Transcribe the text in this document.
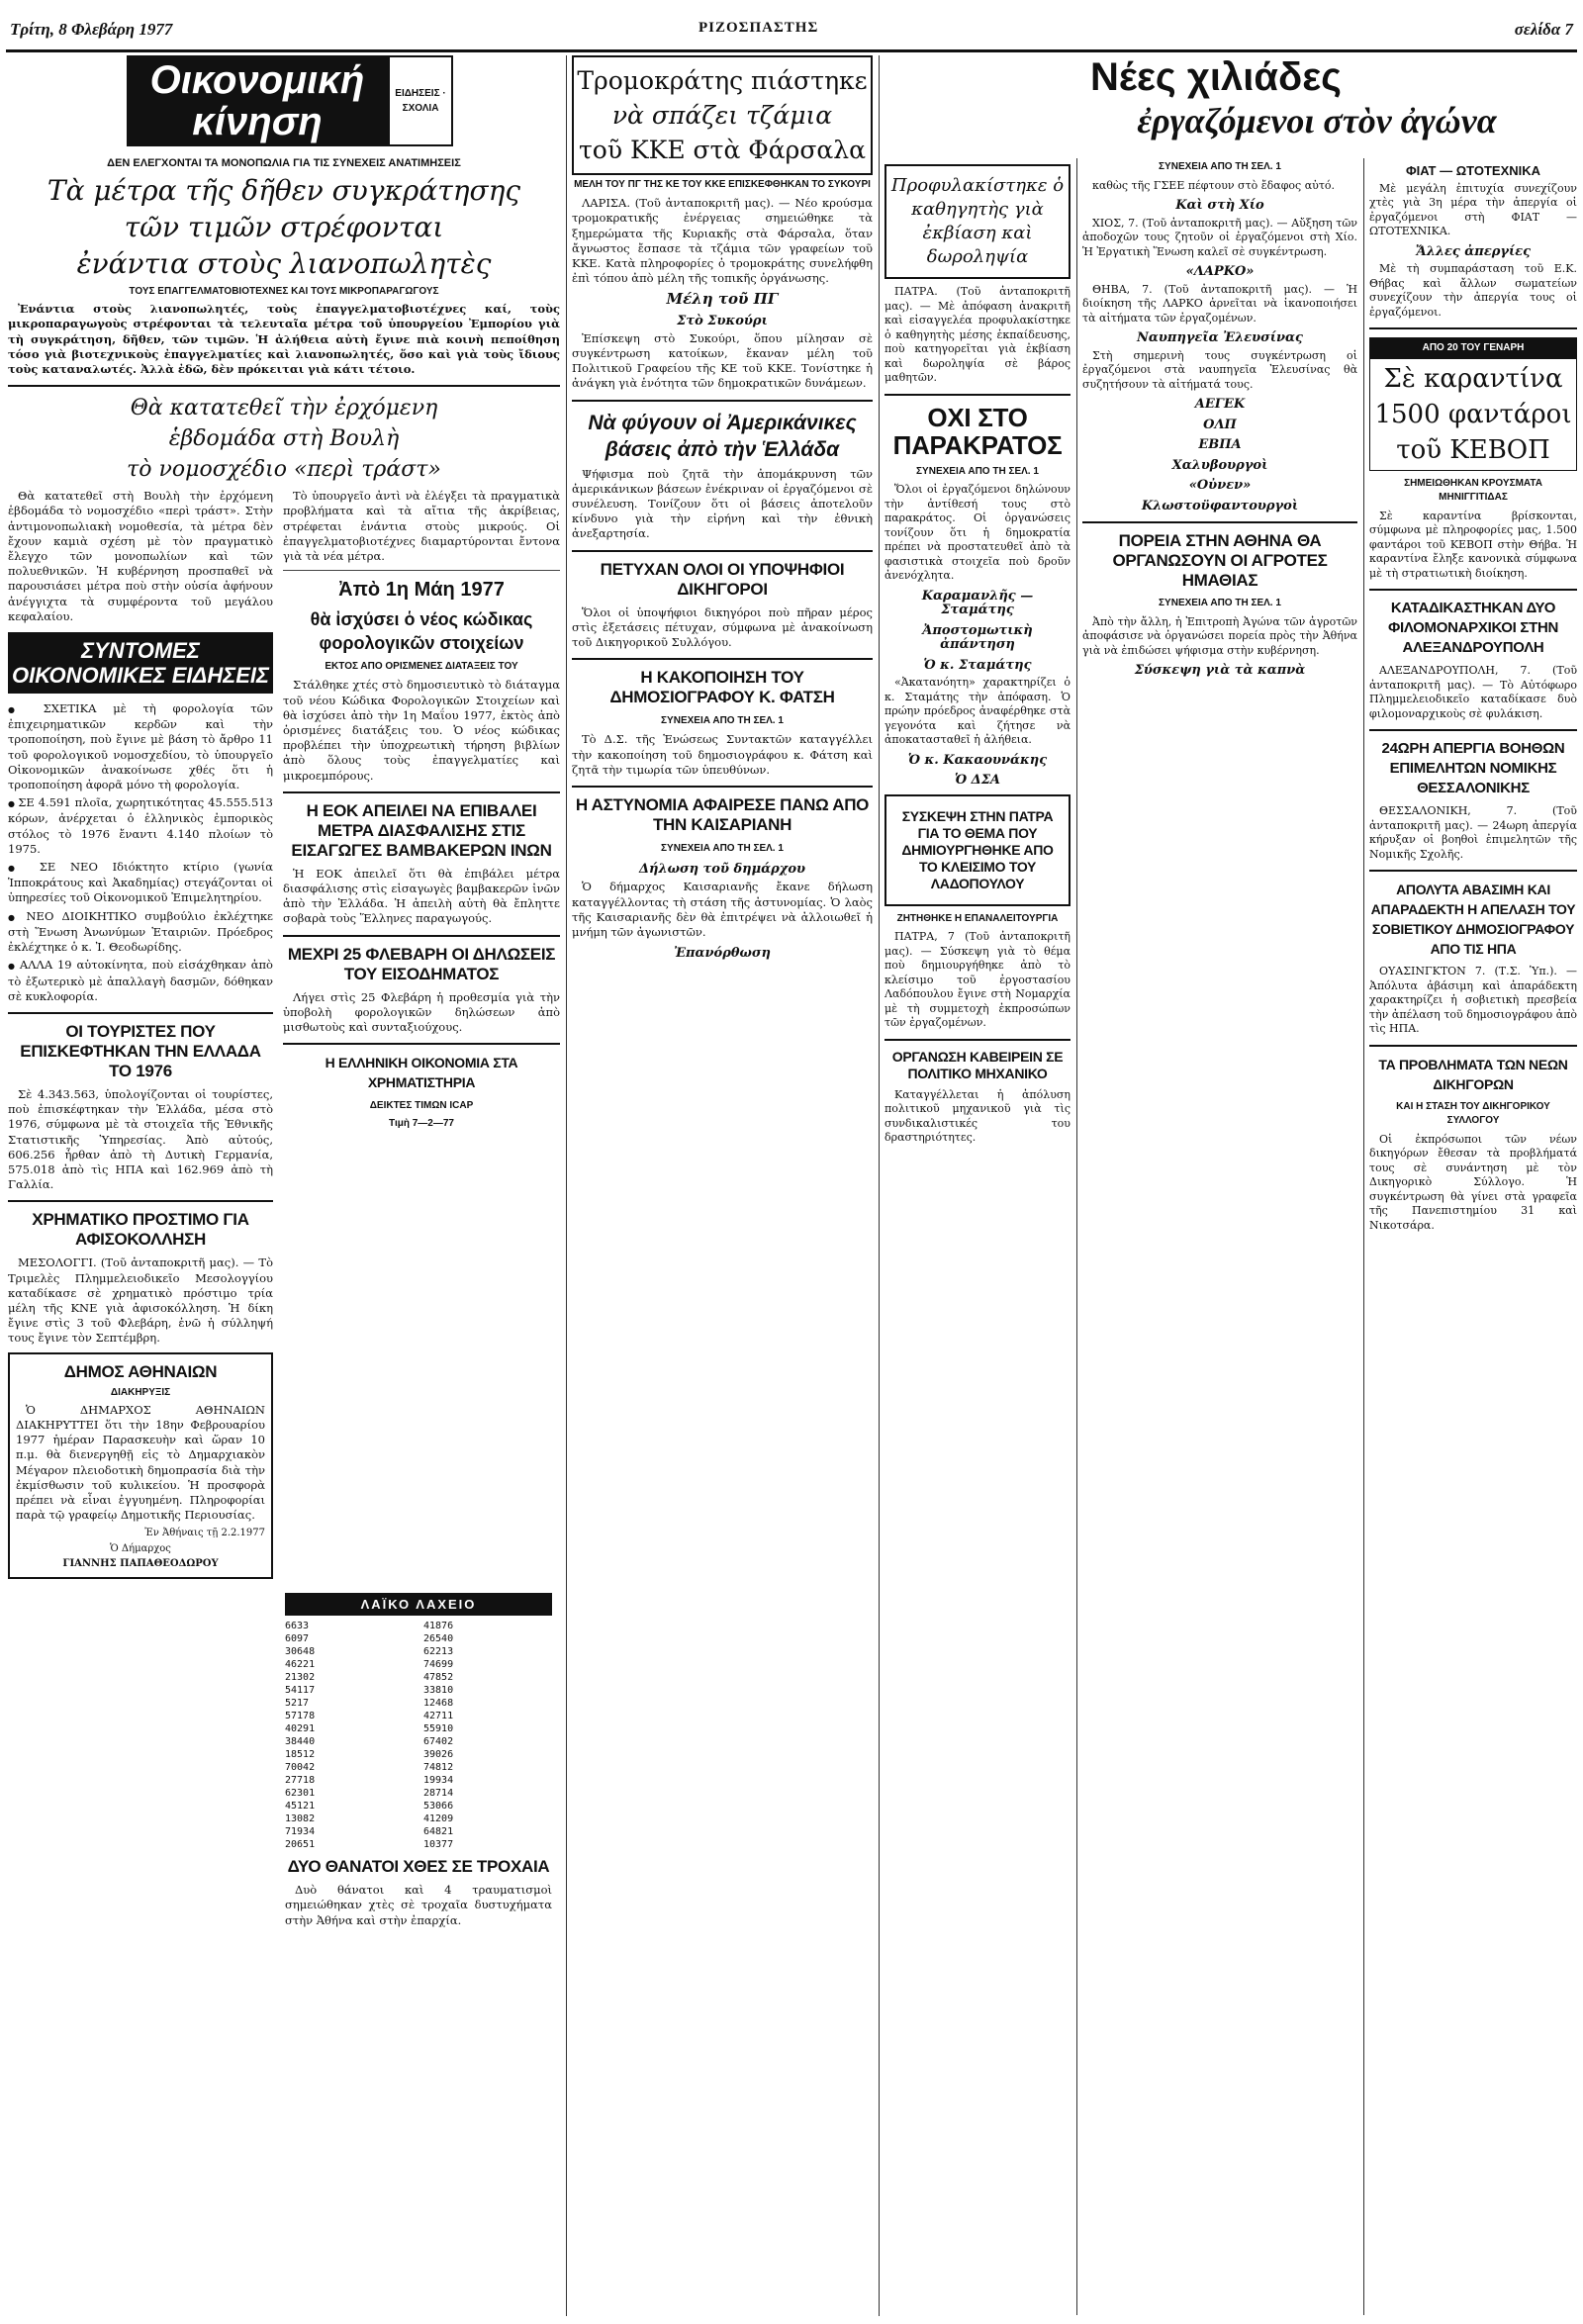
Τρίτη, 8 Φλεβάρη 1977	ΡΙΖΟΣΠΑΣΤΗΣ	σελίδα 7
Οικονομική
κίνηση
ΕΙΔΗΣΕΙΣ · ΣΧΟΛΙΑ
ΔΕΝ ΕΛΕΓΧΟΝΤΑΙ ΤΑ ΜΟΝΟΠΩΛΙΑ ΓΙΑ ΤΙΣ ΣΥΝΕΧΕΙΣ ΑΝΑΤΙΜΗΣΕΙΣ
Τὰ μέτρα τῆς δῆθεν συγκράτησης
τῶν τιμῶν στρέφονται
ἐνάντια στοὺς λιανοπωλητὲς
ΤΟΥΣ ΕΠΑΓΓΕΛΜΑΤΟΒΙΟΤΕΧΝΕΣ ΚΑΙ ΤΟΥΣ ΜΙΚΡΟΠΑΡΑΓΩΓΟΥΣ

Ἐνάντια στοὺς λιανοπωλητές, τοὺς ἐπαγγελματοβιοτέχνες καί, τοὺς μικροπαραγωγοὺς στρέφονται τὰ τελευταῖα μέτρα τοῦ ὑπουργείου Ἐμπορίου γιὰ τὴ συγκράτηση, δῆθεν, τῶν τιμῶν. Ἡ ἀλήθεια αὐτὴ ἔγινε πιὰ κοινὴ πεποίθηση τόσο γιὰ βιοτεχνικοὺς ἐπαγγελματίες καὶ λιανοπωλητές, ὅσο καὶ γιὰ τοὺς ἴδιους τοὺς καταναλωτές. Ἀλλὰ ἐδῶ, δὲν πρόκειται γιὰ κάτι τέτοιο.

Θὰ κατατεθεῖ τὴν ἐρχόμενη
ἑβδομάδα στὴ Βουλὴ
τὸ νομοσχέδιο «περὶ τράστ»

Θὰ κατατεθεῖ στὴ Βουλὴ τὴν ἐρχόμενη ἑβδομάδα τὸ νομοσχέδιο «περὶ τράστ». Στὴν ἀντιμονοπωλιακὴ νομοθεσία, τὰ μέτρα δὲν ἔχουν καμιὰ σχέση μὲ τὸν πραγματικὸ ἔλεγχο τῶν μονοπωλίων καὶ τῶν πολυεθνικῶν. Ἡ κυβέρνηση προσπαθεῖ νὰ παρουσιάσει μέτρα ποὺ στὴν οὐσία ἀφήνουν ἀνέγγιχτα τὰ συμφέροντα τοῦ μεγάλου κεφαλαίου.

ΣΥΝΤΟΜΕΣ ΟΙΚΟΝΟΜΙΚΕΣ ΕΙΔΗΣΕΙΣ

● ΣΧΕΤΙΚΑ μὲ τὴ φορολογία τῶν ἐπιχειρηματικῶν κερδῶν καὶ τὴν τροποποίηση, ποὺ ἔγινε μὲ βάση τὸ ἄρθρο 11 τοῦ φορολογικοῦ νομοσχεδίου, τὸ ὑπουργεῖο Οἰκονομικῶν ἀνακοίνωσε χθές ὅτι ἡ τροποποίηση ἀφορᾶ μόνο τὴ φορολογία.

● ΣΕ 4.591 πλοῖα, χωρητικότητας 45.555.513 κόρων, ἀνέρχεται ὁ ἑλληνικὸς ἐμπορικὸς στόλος τὸ 1976 ἔναντι 4.140 πλοίων τὸ 1975.

● ΣΕ ΝΕΟ Ιδιόκτητο κτίριο (γωνία Ἱπποκράτους καὶ Ἀκαδημίας) στεγάζονται οἱ ὑπηρεσίες τοῦ Οἰκονομικοῦ Ἐπιμελητηρίου.

● ΝΕΟ ΔΙΟΙΚΗΤΙΚΟ συμβούλιο ἐκλέχτηκε στὴ Ἕνωση Ἀνωνύμων Ἑταιριῶν. Πρόεδρος ἐκλέχτηκε ὁ κ. Ἰ. Θεοδωρίδης.

● ΑΛΛΑ 19 αὐτοκίνητα, ποὺ εἰσάχθηκαν ἀπὸ τὸ ἐξωτερικὸ μὲ ἀπαλλαγὴ δασμῶν, δόθηκαν σὲ κυκλοφορία.

ΟΙ ΤΟΥΡΙΣΤΕΣ ΠΟΥ ΕΠΙΣΚΕΦΤΗΚΑΝ ΤΗΝ ΕΛΛΑΔΑ ΤΟ 1976

Σὲ 4.343.563, ὑπολογίζονται οἱ τουρίστες, ποὺ ἐπισκέφτηκαν τὴν Ἑλλάδα, μέσα στὸ 1976, σύμφωνα μὲ τὰ στοιχεῖα τῆς Ἐθνικῆς Στατιστικῆς Ὑπηρεσίας. Ἀπὸ αὐτούς, 606.256 ἦρθαν ἀπὸ τὴ Δυτικὴ Γερμανία, 575.018 ἀπὸ τὶς ΗΠΑ καὶ 162.969 ἀπὸ τὴ Γαλλία.

ΧΡΗΜΑΤΙΚΟ ΠΡΟΣΤΙΜΟ ΓΙΑ ΑΦΙΣΟΚΟΛΛΗΣΗ

ΜΕΣΟΛΟΓΓΙ. (Τοῦ ἀνταποκριτῆ μας). — Τὸ Τριμελὲς Πλημμελειοδικεῖο Μεσολογγίου καταδίκασε σὲ χρηματικὸ πρόστιμο τρία μέλη τῆς ΚΝΕ γιὰ ἀφισοκόλληση. Ἡ δίκη ἔγινε στὶς 3 τοῦ Φλεβάρη, ἐνῶ ἡ σύλληψή τους ἔγινε τὸν Σεπτέμβρη.

ΔΗΜΟΣ ΑΘΗΝΑΙΩΝ
ΔΙΑΚΗΡΥΞΙΣ

Ὁ ΔΗΜΑΡΧΟΣ ΑΘΗΝΑΙΩΝ ΔΙΑΚΗΡΥΤΤΕΙ ὅτι τὴν 18ην Φεβρουαρίου 1977 ἡμέραν Παρασκευὴν καὶ ὥραν 10 π.μ. θὰ διενεργηθῇ εἰς τὸ Δημαρχιακὸν Μέγαρον πλειοδοτικὴ δημοπρασία διὰ τὴν ἐκμίσθωσιν τοῦ κυλικείου. Ἡ προσφορὰ πρέπει νὰ εἶναι ἐγγυημένη. Πληροφορίαι παρὰ τῷ γραφείῳ Δημοτικῆς Περιουσίας.

Ἐν Ἀθήναις τῇ 2.2.1977
Ὁ Δήμαρχος
ΓΙΑΝΝΗΣ ΠΑΠΑΘΕΟΔΩΡΟΥ

Τὸ ὑπουργεῖο ἀντὶ νὰ ἐλέγξει τὰ πραγματικὰ προβλήματα καὶ τὰ αἴτια τῆς ἀκρίβειας, στρέφεται ἐνάντια στοὺς μικρούς. Οἱ ἐπαγγελματοβιοτέχνες διαμαρτύρονται ἔντονα γιὰ τὰ νέα μέτρα.

Ἀπὸ 1η Μάη 1977
θὰ ἰσχύσει ὁ νέος κώδικας φορολογικῶν στοιχείων
ΕΚΤΟΣ ΑΠΟ ΟΡΙΣΜΕΝΕΣ ΔΙΑΤΑΞΕΙΣ ΤΟΥ

Στάλθηκε χτές στὸ δημοσιευτικὸ τὸ διάταγμα τοῦ νέου Κώδικα Φορολογικῶν Στοιχείων καὶ θὰ ἰσχύσει ἀπὸ τὴν 1η Μαΐου 1977, ἐκτὸς ἀπὸ ὁρισμένες διατάξεις του. Ὁ νέος κώδικας προβλέπει τὴν ὑποχρεωτικὴ τήρηση βιβλίων ἀπὸ ὅλους τοὺς ἐπαγγελματίες καὶ μικροεμπόρους.

Η ΕΟΚ ΑΠΕΙΛΕΙ ΝΑ ΕΠΙΒΑΛΕΙ ΜΕΤΡΑ ΔΙΑΣΦΑΛΙΣΗΣ ΣΤΙΣ ΕΙΣΑΓΩΓΕΣ ΒΑΜΒΑΚΕΡΩΝ ΙΝΩΝ

Ἡ ΕΟΚ ἀπειλεῖ ὅτι θὰ ἐπιβάλει μέτρα διασφάλισης στὶς εἰσαγωγὲς βαμβακερῶν ἰνῶν ἀπὸ τὴν Ἑλλάδα. Ἡ ἀπειλὴ αὐτὴ θὰ ἔπληττε σοβαρὰ τοὺς Ἕλληνες παραγωγούς.

ΜΕΧΡΙ 25 ΦΛΕΒΑΡΗ ΟΙ ΔΗΛΩΣΕΙΣ ΤΟΥ ΕΙΣΟΔΗΜΑΤΟΣ

Λήγει στὶς 25 Φλεβάρη ἡ προθεσμία γιὰ τὴν ὑποβολὴ φορολογικῶν δηλώσεων ἀπὸ μισθωτοὺς καὶ συνταξιούχους.

Η ΕΛΛΗΝΙΚΗ ΟΙΚΟΝΟΜΙΑ ΣΤΑ ΧΡΗΜΑΤΙΣΤΗΡΙΑ
ΔΕΙΚΤΕΣ ΤΙΜΩΝ ICAP
Τιμὴ 7—2—77
ΛΑΪΚΟ ΛΑΧΕΙΟ
6633
6097
30648
46221
21302
54117
5217
57178
40291
38440
18512
70042
27718
62301
45121
13082
71934
20651
41876
26540
62213
74699
47852
33810
12468
42711
55910
67402
39026
74812
19934
28714
53066
41209
64821
10377
ΔΥΟ ΘΑΝΑΤΟΙ ΧΘΕΣ ΣΕ ΤΡΟΧΑΙΑ

Δυὸ θάνατοι καὶ 4 τραυματισμοὶ σημειώθηκαν χτὲς σὲ τροχαῖα δυστυχήματα στὴν Ἀθήνα καὶ στὴν ἐπαρχία.

Τρομοκράτης πιάστηκε
νὰ σπάζει τζάμια
τοῦ ΚΚΕ στὰ Φάρσαλα
ΜΕΛΗ ΤΟΥ ΠΓ ΤΗΣ ΚΕ ΤΟΥ ΚΚΕ ΕΠΙΣΚΕΦΘΗΚΑΝ ΤΟ ΣΥΚΟΥΡΙ

ΛΑΡΙΣΑ. (Τοῦ ἀνταποκριτῆ μας). — Νέο κρούσμα τρομοκρατικῆς ἐνέργειας σημειώθηκε τὰ ξημερώματα τῆς Κυριακῆς στὰ Φάρσαλα, ὅταν ἄγνωστος ἔσπασε τὰ τζάμια τῶν γραφείων τοῦ ΚΚΕ. Κατὰ πληροφορίες ὁ τρομοκράτης συνελήφθη ἐπὶ τόπου ἀπὸ μέλη τῆς τοπικῆς ὀργάνωσης.

Μέλη τοῦ ΠΓ
Στὸ Συκούρι

Ἐπίσκεψη στὸ Συκούρι, ὅπου μίλησαν σὲ συγκέντρωση κατοίκων, ἔκαναν μέλη τοῦ Πολιτικοῦ Γραφείου τῆς ΚΕ τοῦ ΚΚΕ. Τονίστηκε ἡ ἀνάγκη γιὰ ἑνότητα τῶν δημοκρατικῶν δυνάμεων.

Νὰ φύγουν οἱ Ἀμερικάνικες βάσεις ἀπὸ τὴν Ἑλλάδα

Ψήφισμα ποὺ ζητᾶ τὴν ἀπομάκρυνση τῶν ἀμερικάνικων βάσεων ἐνέκριναν οἱ ἐργαζόμενοι σὲ συνέλευση. Τονίζουν ὅτι οἱ βάσεις ἀποτελοῦν κίνδυνο γιὰ τὴν εἰρήνη καὶ τὴν ἐθνικὴ ἀνεξαρτησία.

ΠΕΤΥΧΑΝ ΟΛΟΙ ΟΙ ΥΠΟΨΗΦΙΟΙ ΔΙΚΗΓΟΡΟΙ

Ὅλοι οἱ ὑποψήφιοι δικηγόροι ποὺ πῆραν μέρος στὶς ἐξετάσεις πέτυχαν, σύμφωνα μὲ ἀνακοίνωση τοῦ Δικηγορικοῦ Συλλόγου.

Η ΚΑΚΟΠΟΙΗΣΗ ΤΟΥ ΔΗΜΟΣΙΟΓΡΑΦΟΥ Κ. ΦΑΤΣΗ
ΣΥΝΕΧΕΙΑ ΑΠΟ ΤΗ ΣΕΛ. 1

Τὸ Δ.Σ. τῆς Ἑνώσεως Συντακτῶν καταγγέλλει τὴν κακοποίηση τοῦ δημοσιογράφου κ. Φάτση καὶ ζητᾶ τὴν τιμωρία τῶν ὑπευθύνων.

Η ΑΣΤΥΝΟΜΙΑ ΑΦΑΙΡΕΣΕ ΠΑΝΩ ΑΠΟ ΤΗΝ ΚΑΙΣΑΡΙΑΝΗ
ΣΥΝΕΧΕΙΑ ΑΠΟ ΤΗ ΣΕΛ. 1
Δήλωση τοῦ δημάρχου

Ὁ δήμαρχος Καισαριανῆς ἔκανε δήλωση καταγγέλλοντας τὴ στάση τῆς ἀστυνομίας. Ὁ λαὸς τῆς Καισαριανῆς δὲν θὰ ἐπιτρέψει νὰ ἀλλοιωθεῖ ἡ μνήμη τῶν ἀγωνιστῶν.

Ἐπανόρθωση
Νέες χιλιάδες
ἐργαζόμενοι στὸν ἀγώνα
Προφυλακίστηκε ὁ καθηγητὴς γιὰ ἐκβίαση καὶ δωροληψία

ΠΑΤΡΑ. (Τοῦ ἀνταποκριτῆ μας). — Μὲ ἀπόφαση ἀνακριτῆ καὶ εἰσαγγελέα προφυλακίστηκε ὁ καθηγητὴς μέσης ἐκπαίδευσης, ποὺ κατηγορεῖται γιὰ ἐκβίαση καὶ δωροληψία σὲ βάρος μαθητῶν.

ΟΧΙ ΣΤΟ ΠΑΡΑΚΡΑΤΟΣ
ΣΥΝΕΧΕΙΑ ΑΠΟ ΤΗ ΣΕΛ. 1

Ὅλοι οἱ ἐργαζόμενοι δηλώνουν τὴν ἀντίθεσή τους στὸ παρακράτος. Οἱ ὀργανώσεις τονίζουν ὅτι ἡ δημοκρατία πρέπει νὰ προστατευθεῖ ἀπὸ τὰ φασιστικὰ στοιχεῖα ποὺ δροῦν ἀνενόχλητα.

Καραμανλῆς — Σταμάτης
Ἀποστομωτικὴ ἀπάντηση
Ὁ κ. Σταμάτης

«Ἀκατανόητη» χαρακτηρίζει ὁ κ. Σταμάτης τὴν ἀπόφαση. Ὁ πρώην πρόεδρος ἀναφέρθηκε στὰ γεγονότα καὶ ζήτησε νὰ ἀποκατασταθεῖ ἡ ἀλήθεια.

Ὁ κ. Κακαουνάκης
Ὁ ΔΣΑ
ΣΥΣΚΕΨΗ ΣΤΗΝ ΠΑΤΡΑ ΓΙΑ ΤΟ ΘΕΜΑ ΠΟΥ ΔΗΜΙΟΥΡΓΗΘΗΚΕ ΑΠΟ ΤΟ ΚΛΕΙΣΙΜΟ ΤΟΥ ΛΑΔΟΠΟΥΛΟΥ
ΖΗΤΗΘΗΚΕ Η ΕΠΑΝΑΛΕΙΤΟΥΡΓΙΑ

ΠΑΤΡΑ, 7 (Τοῦ ἀνταποκριτῆ μας). — Σύσκεψη γιὰ τὸ θέμα ποὺ δημιουργήθηκε ἀπὸ τὸ κλείσιμο τοῦ ἐργοστασίου Λαδόπουλου ἔγινε στὴ Νομαρχία μὲ τὴ συμμετοχὴ ἐκπροσώπων τῶν ἐργαζομένων.

ΟΡΓΑΝΩΣΗ ΚΑΒΕΙΡΕΙΝ ΣΕ ΠΟΛΙΤΙΚΟ ΜΗΧΑΝΙΚΟ

Καταγγέλλεται ἡ ἀπόλυση πολιτικοῦ μηχανικοῦ γιὰ τὶς συνδικαλιστικές του δραστηριότητες.

ΣΥΝΕΧΕΙΑ ΑΠΟ ΤΗ ΣΕΛ. 1

καθὼς τῆς ΓΣΕΕ πέφτουν στὸ ἔδαφος αὐτό.

Καὶ στὴ Χίο

ΧΙΟΣ, 7. (Τοῦ ἀνταποκριτῆ μας). — Αὔξηση τῶν ἀποδοχῶν τους ζητοῦν οἱ ἐργαζόμενοι στὴ Χίο. Ἡ Ἐργατικὴ Ἕνωση καλεῖ σὲ συγκέντρωση.

«ΛΑΡΚΟ»

ΘΗΒΑ, 7. (Τοῦ ἀνταποκριτῆ μας). — Ἡ διοίκηση τῆς ΛΑΡΚΟ ἀρνεῖται νὰ ἱκανοποιήσει τὰ αἰτήματα τῶν ἐργαζομένων.

Ναυπηγεῖα Ἐλευσίνας

Στὴ σημερινὴ τους συγκέντρωση οἱ ἐργαζόμενοι στὰ ναυπηγεῖα Ἐλευσίνας θὰ συζητήσουν τὰ αἰτήματά τους.

ΑΕΓΕΚ
ΟΛΠ
ΕΒΠΑ
Χαλυβουργοὶ
«Οὐνεν»
Κλωστοϋφαντουργοὶ
ΠΟΡΕΙΑ ΣΤΗΝ ΑΘΗΝΑ ΘΑ ΟΡΓΑΝΩΣΟΥΝ ΟΙ ΑΓΡΟΤΕΣ ΗΜΑΘΙΑΣ
ΣΥΝΕΧΕΙΑ ΑΠΟ ΤΗ ΣΕΛ. 1

Ἀπὸ τὴν ἄλλη, ἡ Ἐπιτροπὴ Ἀγώνα τῶν ἀγροτῶν ἀποφάσισε νὰ ὀργανώσει πορεία πρὸς τὴν Ἀθήνα γιὰ νὰ ἐπιδώσει ψήφισμα στὴν κυβέρνηση.

Σύσκεψη γιὰ τὰ καπνὰ
ΦΙΑΤ — ΩΤΟΤΕΧΝΙΚΑ

Μὲ μεγάλη ἐπιτυχία συνεχίζουν χτὲς γιὰ 3η μέρα τὴν ἀπεργία οἱ ἐργαζόμενοι στὴ ΦΙΑΤ — ΩΤΟΤΕΧΝΙΚΑ.

Ἄλλες ἀπεργίες

Μὲ τὴ συμπαράσταση τοῦ Ε.Κ. Θήβας καὶ ἄλλων σωματείων συνεχίζουν τὴν ἀπεργία τους οἱ ἐργαζόμενοι.

ΑΠΟ 20 ΤΟΥ ΓΕΝΑΡΗ
Σὲ καραντίνα
1500 φαντάροι
τοῦ ΚΕΒΟΠ
ΣΗΜΕΙΩΘΗΚΑΝ ΚΡΟΥΣΜΑΤΑ ΜΗΝΙΓΓΙΤΙΔΑΣ

Σὲ καραντίνα βρίσκονται, σύμφωνα μὲ πληροφορίες μας, 1.500 φαντάροι τοῦ ΚΕΒΟΠ στὴν Θήβα. Ἡ καραντίνα ἔληξε κανονικὰ σύμφωνα μὲ τὴ στρατιωτικὴ διοίκηση.

ΚΑΤΑΔΙΚΑΣΤΗΚΑΝ ΔΥΟ ΦΙΛΟΜΟΝΑΡΧΙΚΟΙ ΣΤΗΝ ΑΛΕΞΑΝΔΡΟΥΠΟΛΗ

ΑΛΕΞΑΝΔΡΟΥΠΟΛΗ, 7. (Τοῦ ἀνταποκριτῆ μας). — Τὸ Αὐτόφωρο Πλημμελειοδικεῖο καταδίκασε δυὸ φιλομοναρχικοὺς σὲ φυλάκιση.

24ΩΡΗ ΑΠΕΡΓΙΑ ΒΟΗΘΩΝ ΕΠΙΜΕΛΗΤΩΝ ΝΟΜΙΚΗΣ ΘΕΣΣΑΛΟΝΙΚΗΣ

ΘΕΣΣΑΛΟΝΙΚΗ, 7. (Τοῦ ἀνταποκριτῆ μας). — 24ωρη ἀπεργία κήρυξαν οἱ βοηθοὶ ἐπιμελητῶν τῆς Νομικῆς Σχολῆς.

ΑΠΟΛΥΤΑ ΑΒΑΣΙΜΗ ΚΑΙ ΑΠΑΡΑΔΕΚΤΗ Η ΑΠΕΛΑΣΗ ΤΟΥ ΣΟΒΙΕΤΙΚΟΥ ΔΗΜΟΣΙΟΓΡΑΦΟΥ ΑΠΟ ΤΙΣ ΗΠΑ

ΟΥΑΣΙΝΓΚΤΟΝ 7. (Τ.Σ. Ὑπ.). — Ἀπόλυτα ἀβάσιμη καὶ ἀπαράδεκτη χαρακτηρίζει ἡ σοβιετικὴ πρεσβεία τὴν ἀπέλαση τοῦ δημοσιογράφου ἀπὸ τὶς ΗΠΑ.

ΤΑ ΠΡΟΒΛΗΜΑΤΑ ΤΩΝ ΝΕΩΝ ΔΙΚΗΓΟΡΩΝ
ΚΑΙ Η ΣΤΑΣΗ ΤΟΥ ΔΙΚΗΓΟΡΙΚΟΥ ΣΥΛΛΟΓΟΥ

Οἱ ἐκπρόσωποι τῶν νέων δικηγόρων ἔθεσαν τὰ προβλήματά τους σὲ συνάντηση μὲ τὸν Δικηγορικὸ Σύλλογο. Ἡ συγκέντρωση θὰ γίνει στὰ γραφεῖα τῆς Πανεπιστημίου 31 καὶ Νικοτσάρα.
